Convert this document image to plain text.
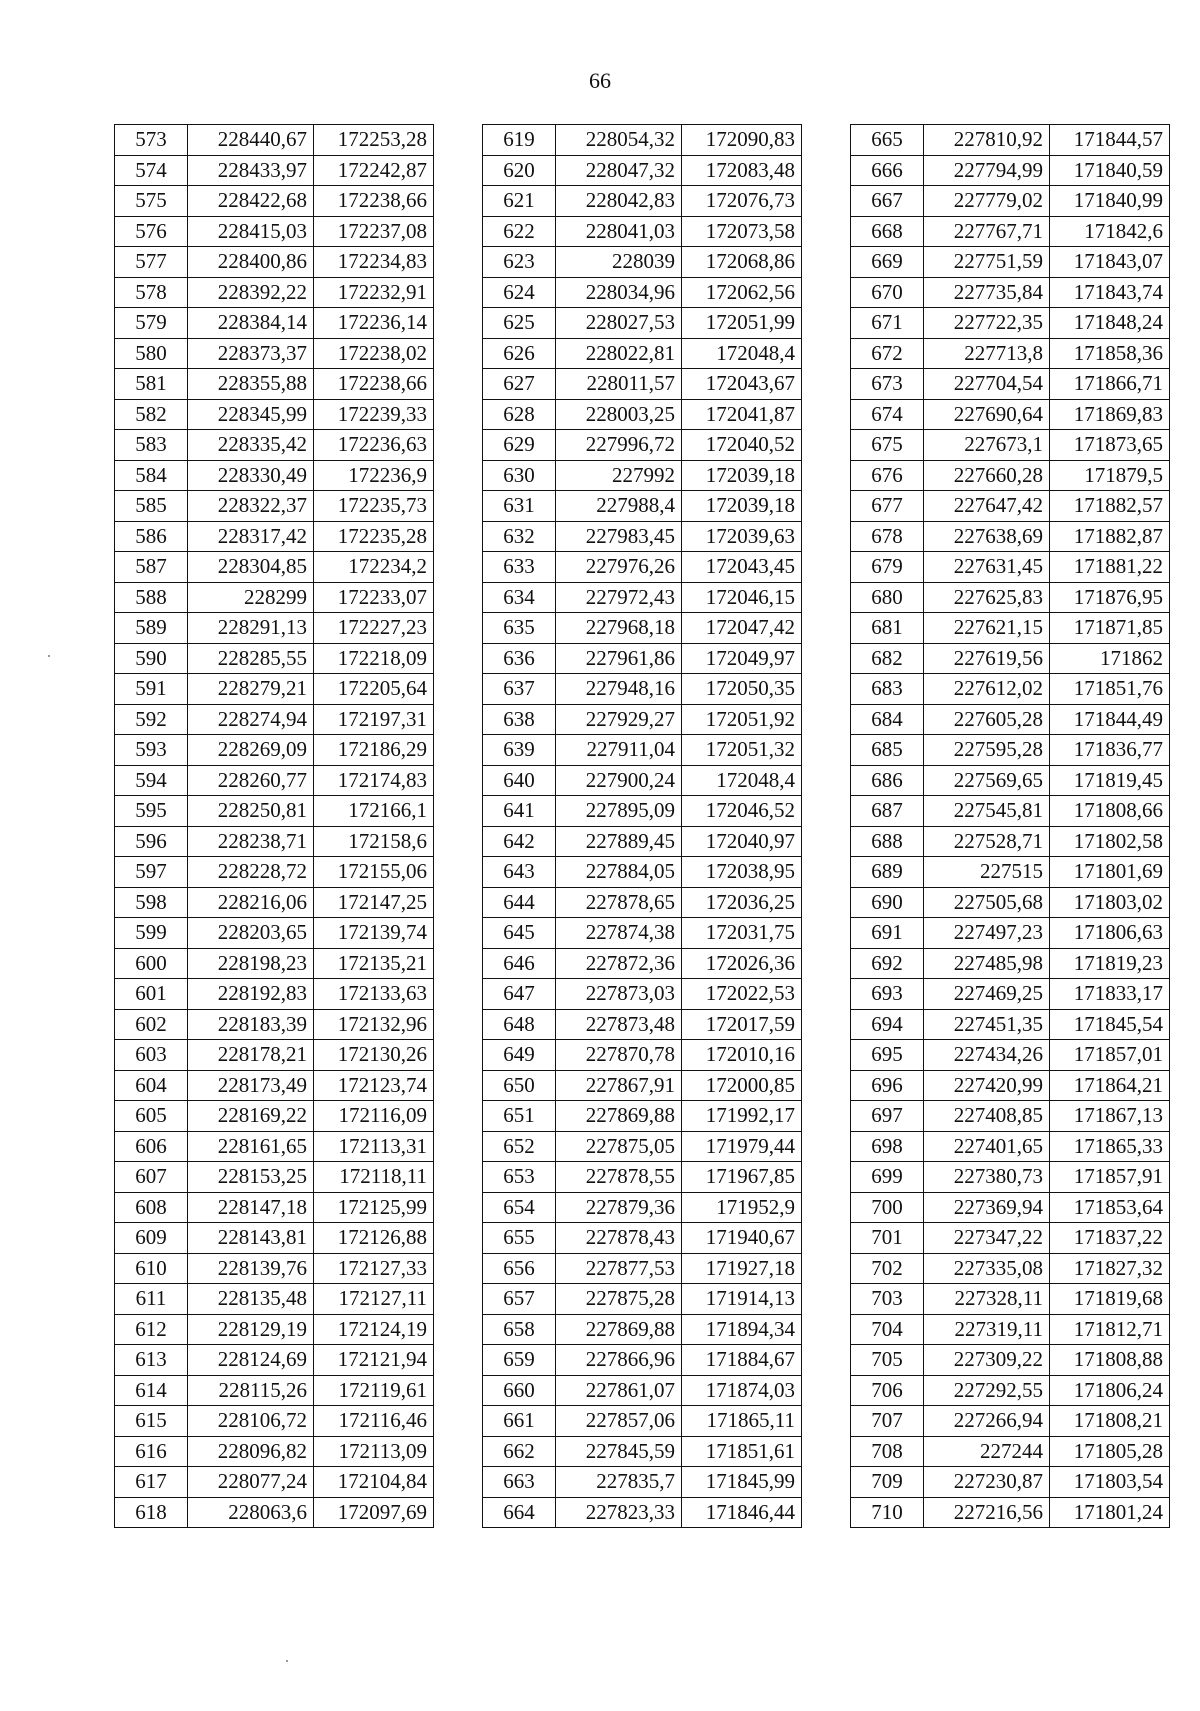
66
573	228440,67	172253,28
574	228433,97	172242,87
575	228422,68	172238,66
576	228415,03	172237,08
577	228400,86	172234,83
578	228392,22	172232,91
579	228384,14	172236,14
580	228373,37	172238,02
581	228355,88	172238,66
582	228345,99	172239,33
583	228335,42	172236,63
584	228330,49	172236,9
585	228322,37	172235,73
586	228317,42	172235,28
587	228304,85	172234,2
588	228299	172233,07
589	228291,13	172227,23
590	228285,55	172218,09
591	228279,21	172205,64
592	228274,94	172197,31
593	228269,09	172186,29
594	228260,77	172174,83
595	228250,81	172166,1
596	228238,71	172158,6
597	228228,72	172155,06
598	228216,06	172147,25
599	228203,65	172139,74
600	228198,23	172135,21
601	228192,83	172133,63
602	228183,39	172132,96
603	228178,21	172130,26
604	228173,49	172123,74
605	228169,22	172116,09
606	228161,65	172113,31
607	228153,25	172118,11
608	228147,18	172125,99
609	228143,81	172126,88
610	228139,76	172127,33
611	228135,48	172127,11
612	228129,19	172124,19
613	228124,69	172121,94
614	228115,26	172119,61
615	228106,72	172116,46
616	228096,82	172113,09
617	228077,24	172104,84
618	228063,6	172097,69
619	228054,32	172090,83
620	228047,32	172083,48
621	228042,83	172076,73
622	228041,03	172073,58
623	228039	172068,86
624	228034,96	172062,56
625	228027,53	172051,99
626	228022,81	172048,4
627	228011,57	172043,67
628	228003,25	172041,87
629	227996,72	172040,52
630	227992	172039,18
631	227988,4	172039,18
632	227983,45	172039,63
633	227976,26	172043,45
634	227972,43	172046,15
635	227968,18	172047,42
636	227961,86	172049,97
637	227948,16	172050,35
638	227929,27	172051,92
639	227911,04	172051,32
640	227900,24	172048,4
641	227895,09	172046,52
642	227889,45	172040,97
643	227884,05	172038,95
644	227878,65	172036,25
645	227874,38	172031,75
646	227872,36	172026,36
647	227873,03	172022,53
648	227873,48	172017,59
649	227870,78	172010,16
650	227867,91	172000,85
651	227869,88	171992,17
652	227875,05	171979,44
653	227878,55	171967,85
654	227879,36	171952,9
655	227878,43	171940,67
656	227877,53	171927,18
657	227875,28	171914,13
658	227869,88	171894,34
659	227866,96	171884,67
660	227861,07	171874,03
661	227857,06	171865,11
662	227845,59	171851,61
663	227835,7	171845,99
664	227823,33	171846,44
665	227810,92	171844,57
666	227794,99	171840,59
667	227779,02	171840,99
668	227767,71	171842,6
669	227751,59	171843,07
670	227735,84	171843,74
671	227722,35	171848,24
672	227713,8	171858,36
673	227704,54	171866,71
674	227690,64	171869,83
675	227673,1	171873,65
676	227660,28	171879,5
677	227647,42	171882,57
678	227638,69	171882,87
679	227631,45	171881,22
680	227625,83	171876,95
681	227621,15	171871,85
682	227619,56	171862
683	227612,02	171851,76
684	227605,28	171844,49
685	227595,28	171836,77
686	227569,65	171819,45
687	227545,81	171808,66
688	227528,71	171802,58
689	227515	171801,69
690	227505,68	171803,02
691	227497,23	171806,63
692	227485,98	171819,23
693	227469,25	171833,17
694	227451,35	171845,54
695	227434,26	171857,01
696	227420,99	171864,21
697	227408,85	171867,13
698	227401,65	171865,33
699	227380,73	171857,91
700	227369,94	171853,64
701	227347,22	171837,22
702	227335,08	171827,32
703	227328,11	171819,68
704	227319,11	171812,71
705	227309,22	171808,88
706	227292,55	171806,24
707	227266,94	171808,21
708	227244	171805,28
709	227230,87	171803,54
710	227216,56	171801,24
